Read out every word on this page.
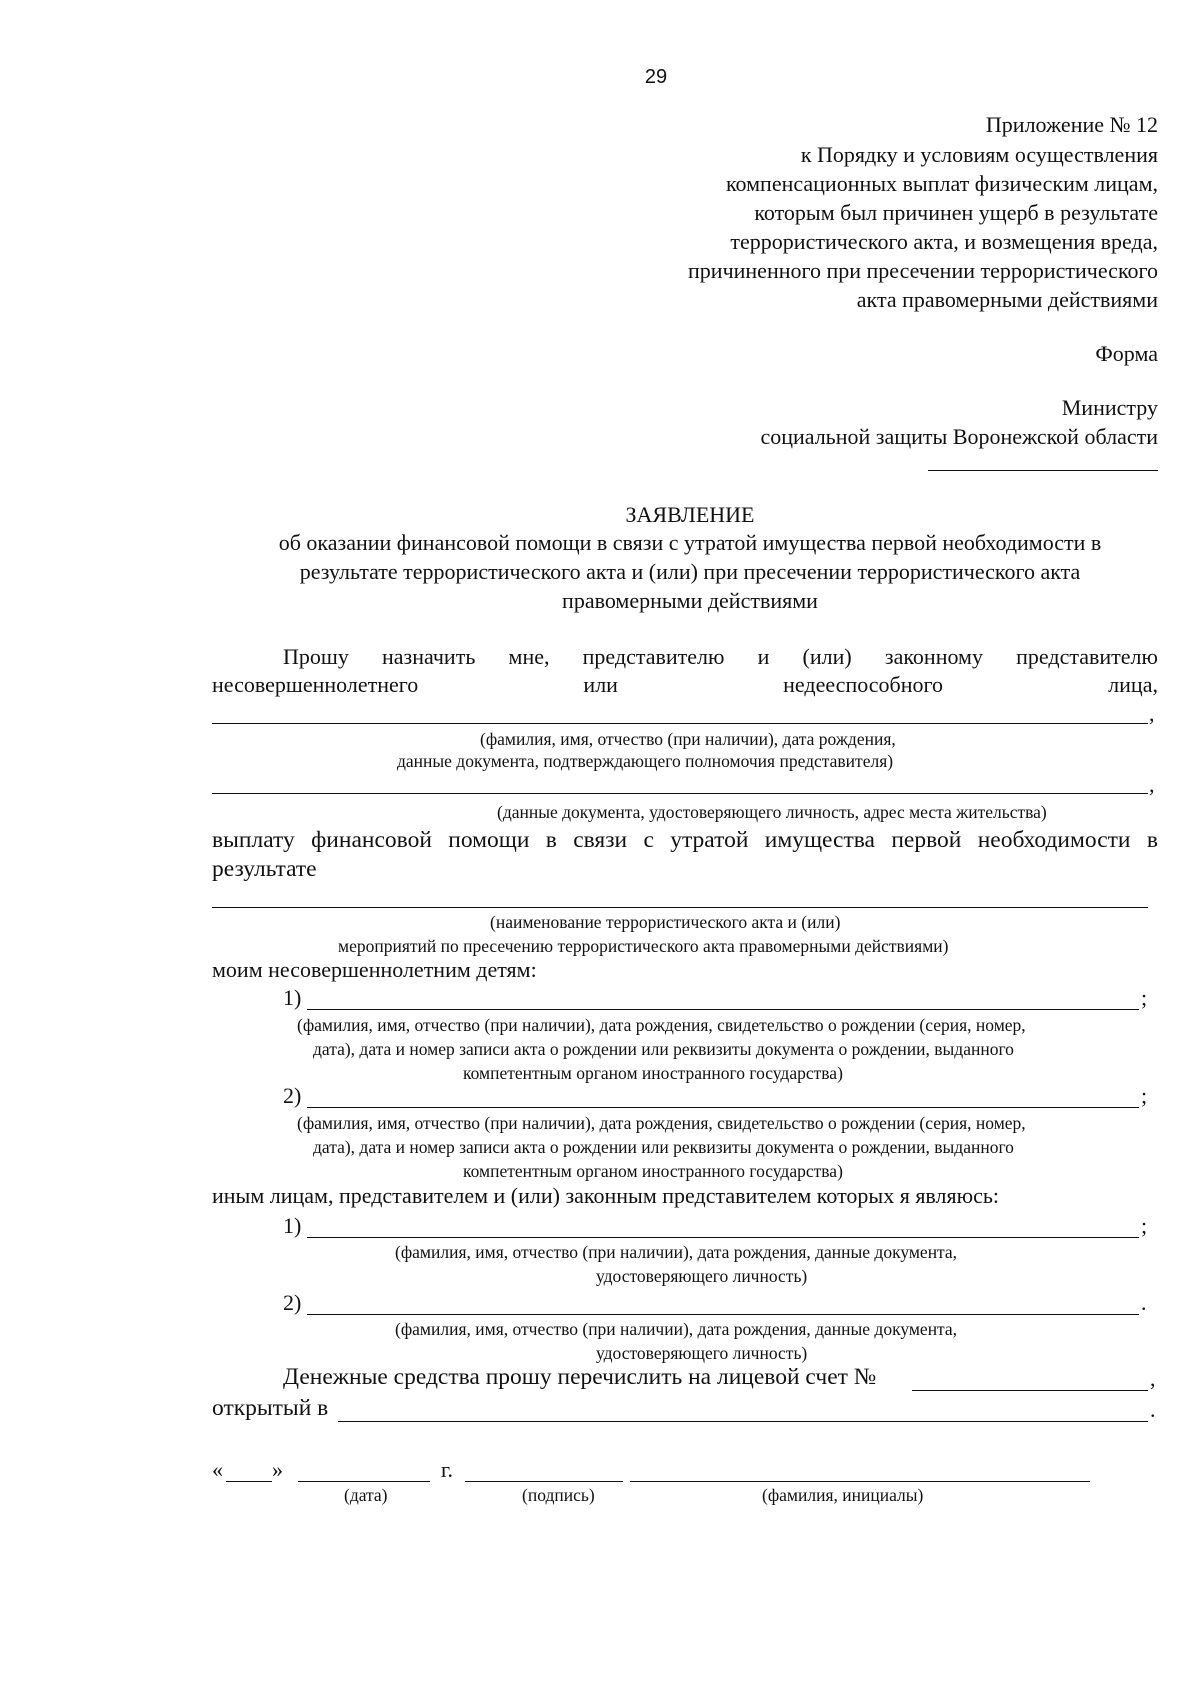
29
Приложение № 12
к Порядку и условиям осуществления
компенсационных выплат физическим лицам,
которым был причинен ущерб в результате
террористического акта, и возмещения вреда,
причиненного при пресечении террористического
акта правомерными действиями
Форма
Министру
социальной защиты Воронежской области
ЗАЯВЛЕНИЕ
об оказании финансовой помощи в связи с утратой имущества первой необходимости в
результате террористического акта и (или) при пресечении террористического акта
правомерными действиями
Прошу назначить мне, представителю и (или) законному представителю
несовершеннолетнего	или	недееспособного	лица,
,
(фамилия, имя, отчество (при наличии), дата рождения,
данные документа, подтверждающего полномочия представителя)
,
(данные документа, удостоверяющего личность, адрес места жительства)
выплату финансовой помощи в связи с утратой имущества первой необходимости в
результате
(наименование террористического акта и (или)
мероприятий по пресечению террористического акта правомерными действиями)
моим несовершеннолетним детям:
1)	;
(фамилия, имя, отчество (при наличии), дата рождения, свидетельство о рождении (серия, номер,
дата), дата и номер записи акта о рождении или реквизиты документа о рождении, выданного
компетентным органом иностранного государства)
2)	;
(фамилия, имя, отчество (при наличии), дата рождения, свидетельство о рождении (серия, номер,
дата), дата и номер записи акта о рождении или реквизиты документа о рождении, выданного
компетентным органом иностранного государства)
иным лицам, представителем и (или) законным представителем которых я являюсь:
1)	;
(фамилия, имя, отчество (при наличии), дата рождения, данные документа,
удостоверяющего личность)
2)	.
(фамилия, имя, отчество (при наличии), дата рождения, данные документа,
удостоверяющего личность)
Денежные средства прошу перечислить на лицевой счет №	,
открытый в	.
« »	г.
(дата)	(подпись)	(фамилия, инициалы)
